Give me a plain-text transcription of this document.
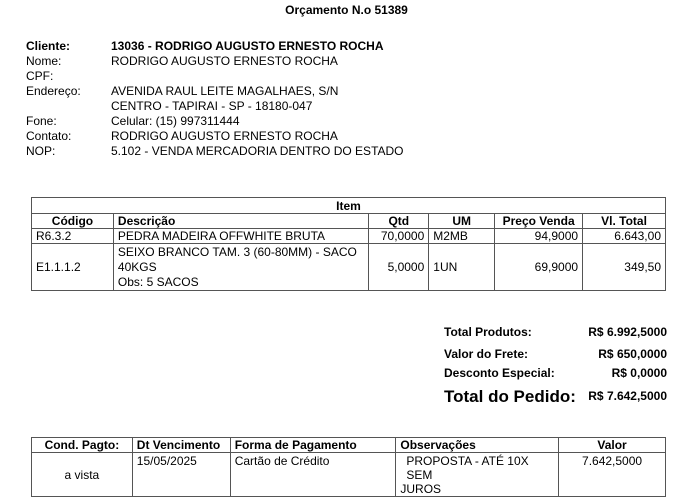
Orçamento N.o 51389
Cliente:	13036 - RODRIGO AUGUSTO ERNESTO ROCHA
Nome:	RODRIGO AUGUSTO ERNESTO ROCHA
CPF:
Endereço:	AVENIDA RAUL LEITE MAGALHAES, S/N
CENTRO - TAPIRAI - SP - 18180-047
Fone:	Celular: (15) 997311444
Contato:	RODRIGO AUGUSTO ERNESTO ROCHA
NOP:	5.102 - VENDA MERCADORIA DENTRO DO ESTADO
Item					
Código	Descrição	Qtd	UM	Preço Venda	Vl. Total
R6.3.2	PEDRA MADEIRA OFFWHITE BRUTA	70,0000	M2MB	94,9000	6.643,00
E1.1.1.2	SEIXO BRANCO TAM. 3 (60-80MM) - SACO
40KGS
Obs: 5 SACOS	5,0000	1UN	69,9000	349,50
Total Produtos:	R$ 6.992,5000
Valor do Frete:	R$ 650,0000
Desconto Especial:	R$ 0,0000
Total do Pedido: R$ 7.642,5000
Cond. Pagto:	Dt Vencimento	Forma de Pagamento	Observações	Valor
a vista	15/05/2025	Cartão de Crédito	PROPOSTA - ATÉ 10X SEM
JUROS	7.642,5000
